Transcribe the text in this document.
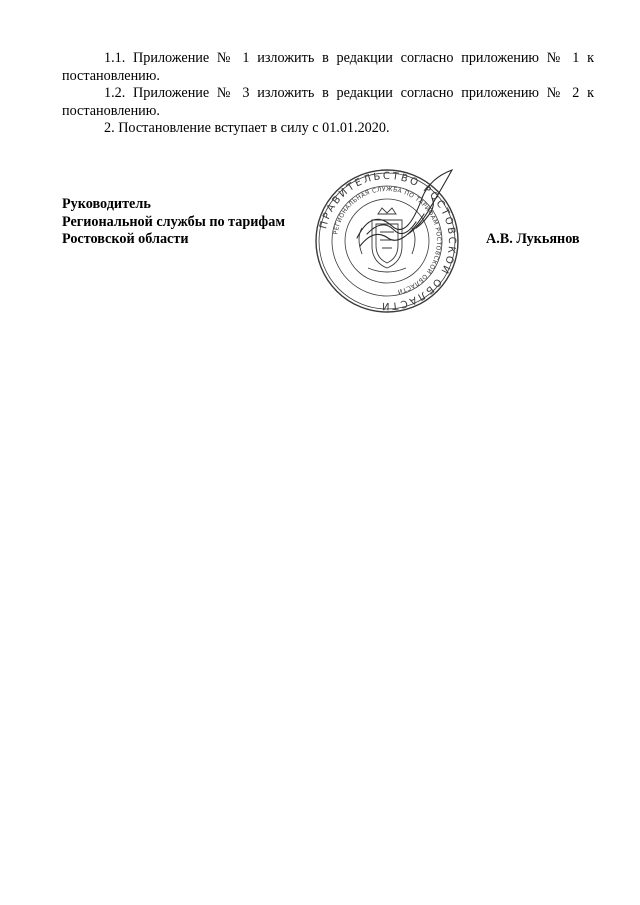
1.1. Приложение № 1 изложить в редакции согласно приложению № 1 к постановлению.

1.2. Приложение № 3 изложить в редакции согласно приложению № 2 к постановлению.

2. Постановление вступает в силу с 01.01.2020.

Руководитель
Региональной службы по тарифам
Ростовской области
ПРАВИТЕЛЬСТВО РОСТОВСКОЙ ОБЛАСТИ
РЕГИОНАЛЬНАЯ СЛУЖБА ПО ТАРИФАМ РОСТОВСКОЙ ОБЛАСТИ
А.В. Лукьянов
